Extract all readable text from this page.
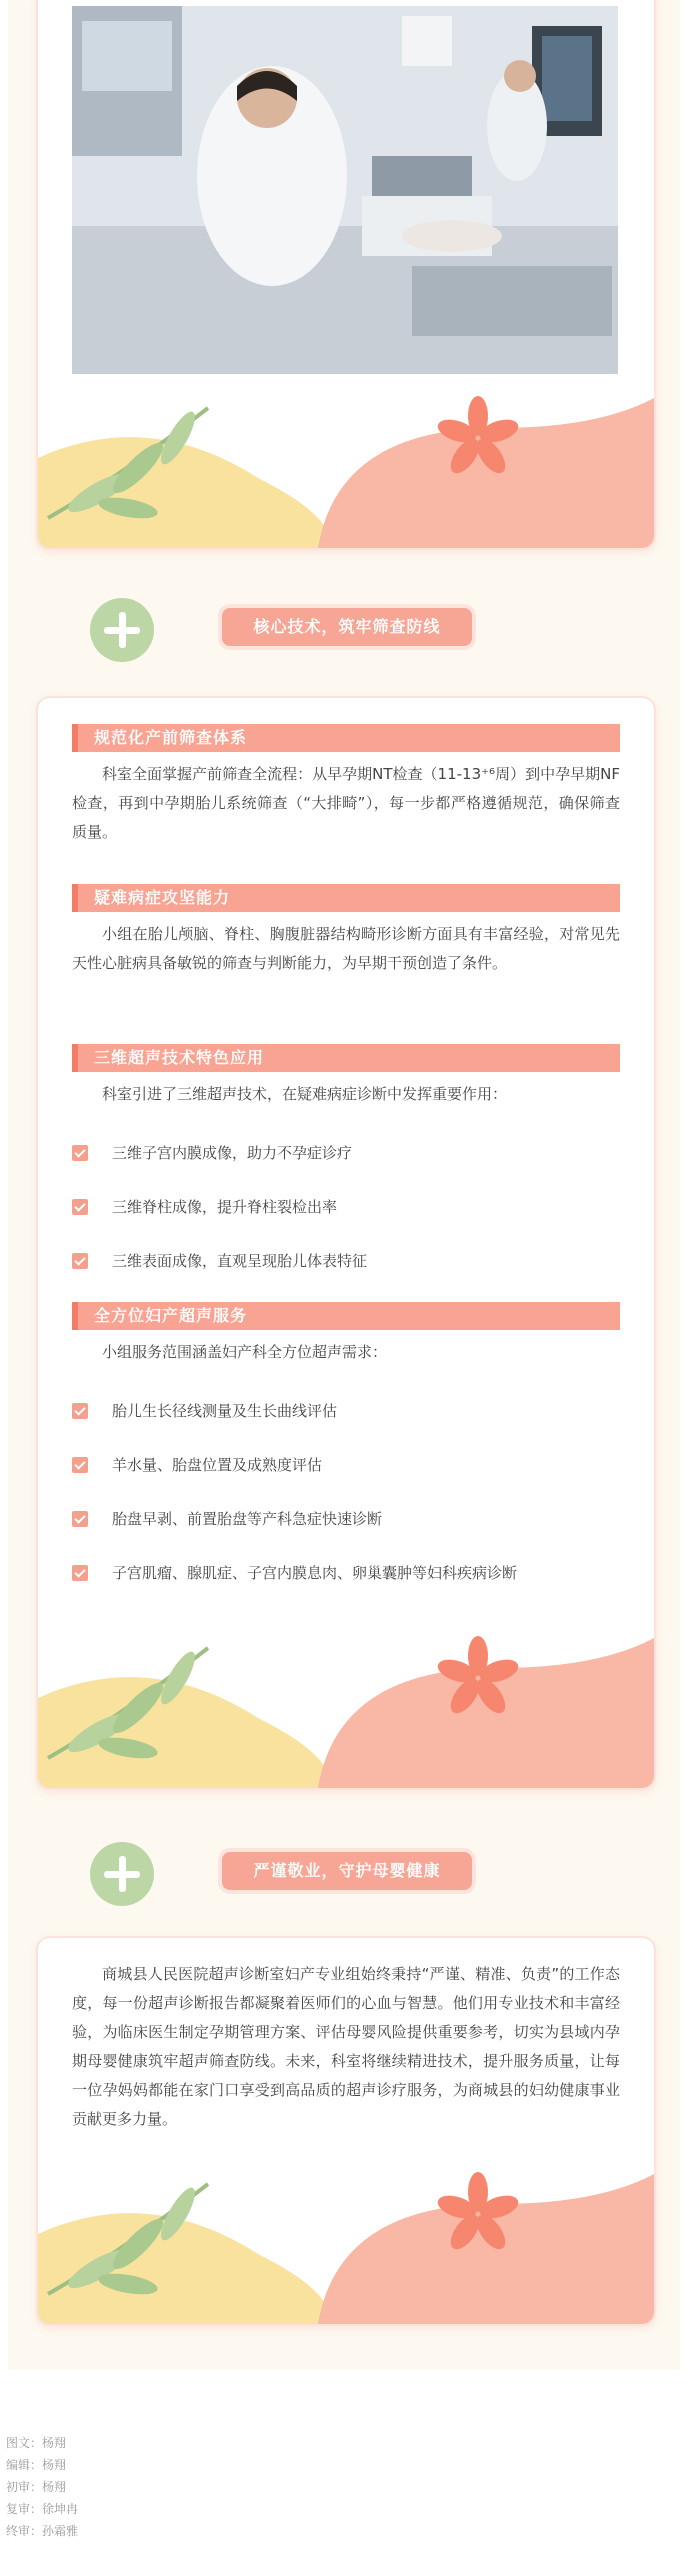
核心技术，筑牢筛查防线
规范化产前筛查体系
科室全面掌握产前筛查全流程：从早孕期NT检查（11-13⁺⁶周）到中孕早期NF检查，再到中孕期胎儿系统筛查（“大排畸”），每一步都严格遵循规范，确保筛查质量。
疑难病症攻坚能力
小组在胎儿颅脑、脊柱、胸腹脏器结构畸形诊断方面具有丰富经验，对常见先天性心脏病具备敏锐的筛查与判断能力，为早期干预创造了条件。
三维超声技术特色应用
科室引进了三维超声技术，在疑难病症诊断中发挥重要作用：
三维子宫内膜成像，助力不孕症诊疗
三维脊柱成像，提升脊柱裂检出率
三维表面成像，直观呈现胎儿体表特征
全方位妇产超声服务
小组服务范围涵盖妇产科全方位超声需求：
胎儿生长径线测量及生长曲线评估
羊水量、胎盘位置及成熟度评估
胎盘早剥、前置胎盘等产科急症快速诊断
子宫肌瘤、腺肌症、子宫内膜息肉、卵巢囊肿等妇科疾病诊断
严谨敬业，守护母婴健康
商城县人民医院超声诊断室妇产专业组始终秉持“严谨、精准、负责”的工作态度，每一份超声诊断报告都凝聚着医师们的心血与智慧。他们用专业技术和丰富经验，为临床医生制定孕期管理方案、评估母婴风险提供重要参考，切实为县域内孕期母婴健康筑牢超声筛查防线。未来，科室将继续精进技术，提升服务质量，让每一位孕妈妈都能在家门口享受到高品质的超声诊疗服务，为商城县的妇幼健康事业贡献更多力量。
图文：杨翔
编辑：杨翔
初审：杨翔
复审：徐坤冉
终审：孙霜雅
